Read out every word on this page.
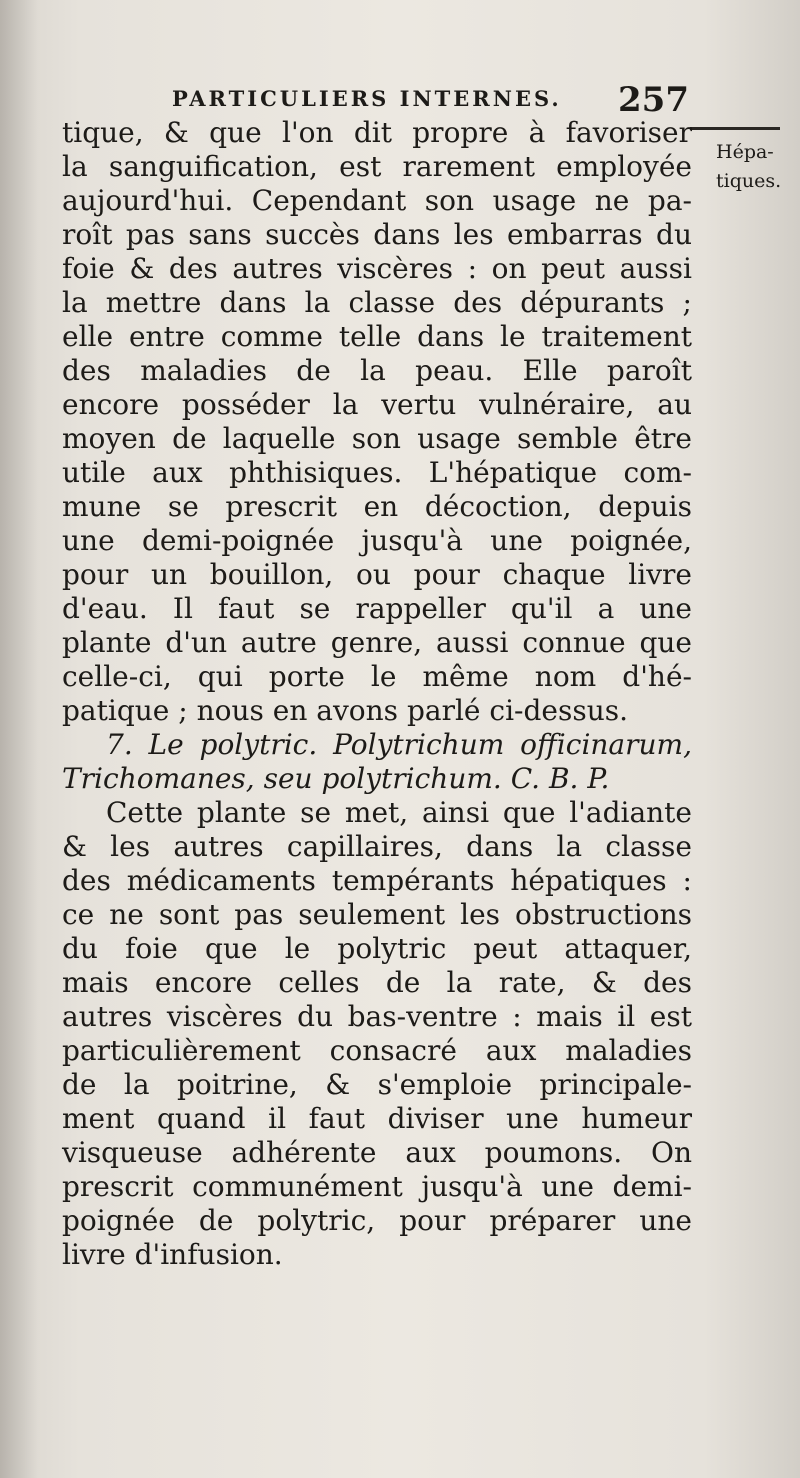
PARTICULIERS INTERNES. 257
Hépa-
tiques.
tique, & que l'on dit propre à favoriser
la sanguification, est rarement employée
aujourd'hui. Cependant son usage ne pa-
roît pas sans succès dans les embarras du
foie & des autres viscères : on peut aussi
la mettre dans la classe des dépurants ;
elle entre comme telle dans le traitement
des maladies de la peau. Elle paroît
encore posséder la vertu vulnéraire, au
moyen de laquelle son usage semble être
utile aux phthisiques. L'hépatique com-
mune se prescrit en décoction, depuis
une demi-poignée jusqu'à une poignée,
pour un bouillon, ou pour chaque livre
d'eau. Il faut se rappeller qu'il a une
plante d'un autre genre, aussi connue que
celle-ci, qui porte le même nom d'hé-
patique ; nous en avons parlé ci-dessus.
7. Le polytric. Polytrichum officinarum,
Trichomanes, seu polytrichum. C. B. P.
Cette plante se met, ainsi que l'adiante
& les autres capillaires, dans la classe
des médicaments tempérants hépatiques :
ce ne sont pas seulement les obstructions
du foie que le polytric peut attaquer,
mais encore celles de la rate, & des
autres viscères du bas-ventre : mais il est
particulièrement consacré aux maladies
de la poitrine, & s'emploie principale-
ment quand il faut diviser une humeur
visqueuse adhérente aux poumons. On
prescrit communément jusqu'à une demi-
poignée de polytric, pour préparer une
livre d'infusion.
